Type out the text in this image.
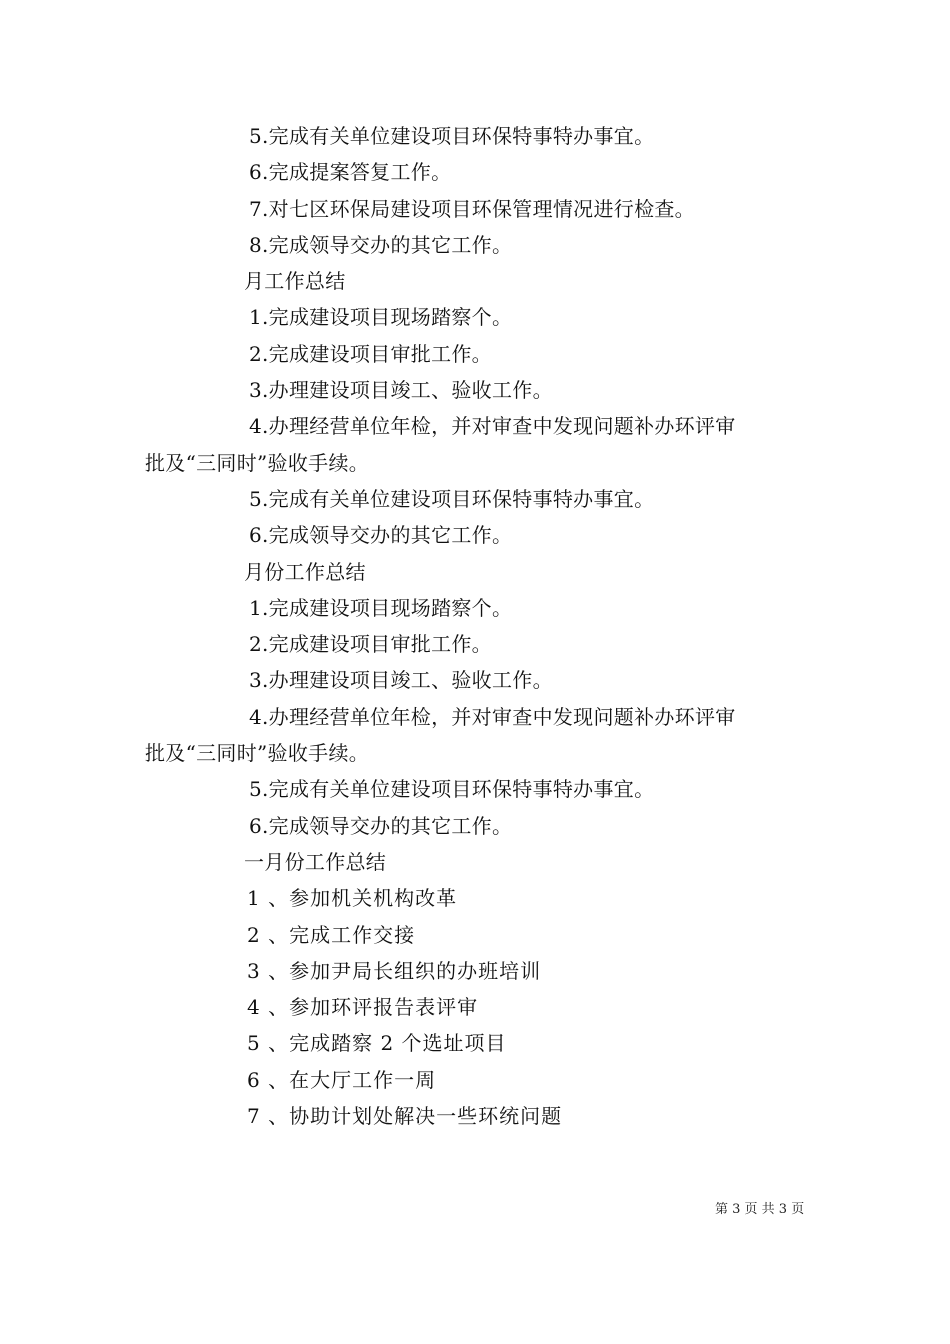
5.完成有关单位建设项目环保特事特办事宜。
6.完成提案答复工作。
7.对七区环保局建设项目环保管理情况进行检查。
8.完成领导交办的其它工作。
月工作总结
1.完成建设项目现场踏察个。
2.完成建设项目审批工作。
3.办理建设项目竣工、验收工作。
4.办理经营单位年检，并对审查中发现问题补办环评审
批及“三同时”验收手续。
5.完成有关单位建设项目环保特事特办事宜。
6.完成领导交办的其它工作。
月份工作总结
1.完成建设项目现场踏察个。
2.完成建设项目审批工作。
3.办理建设项目竣工、验收工作。
4.办理经营单位年检，并对审查中发现问题补办环评审
批及“三同时”验收手续。
5.完成有关单位建设项目环保特事特办事宜。
6.完成领导交办的其它工作。
一月份工作总结
1 、参加机关机构改革
2 、完成工作交接
3 、参加尹局长组织的办班培训
4 、参加环评报告表评审
5 、完成踏察 2 个选址项目
6 、在大厅工作一周
7 、协助计划处解决一些环统问题
第 3 页 共 3 页
